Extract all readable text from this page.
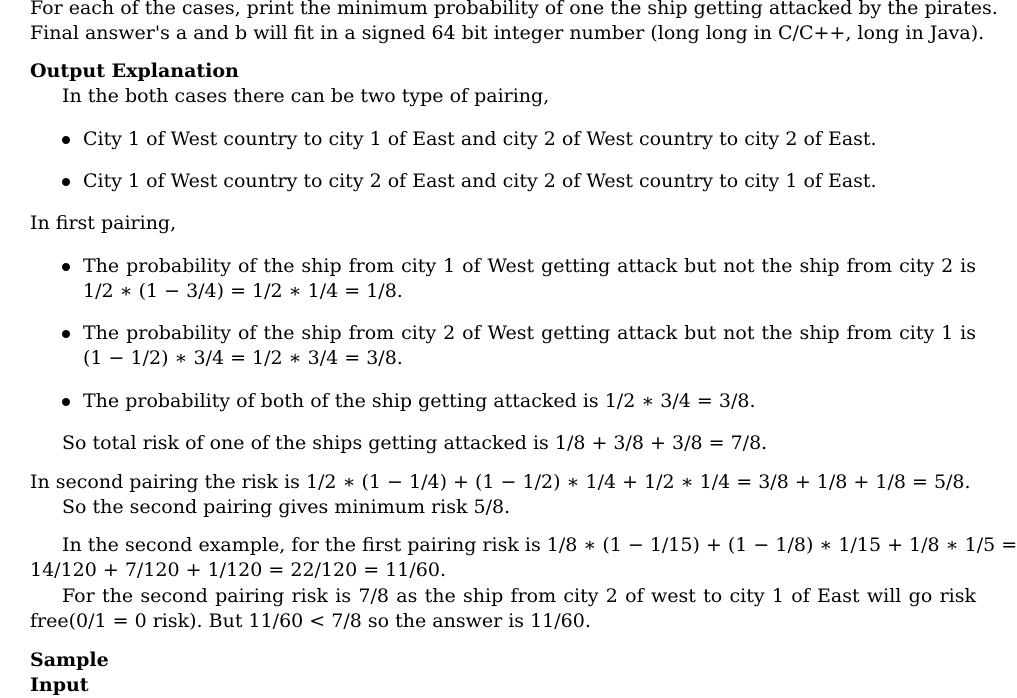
For each of the cases, print the minimum probability of one the ship getting attacked by the pirates.
Final answer's a and b will fit in a signed 64 bit integer number (long long in C/C++, long in Java).
Output Explanation
In the both cases there can be two type of pairing,
City 1 of West country to city 1 of East and city 2 of West country to city 2 of East.
City 1 of West country to city 2 of East and city 2 of West country to city 1 of East.
In first pairing,
The probability of the ship from city 1 of West getting attack but not the ship from city 2 is
1/2 ∗ (1 − 3/4) = 1/2 ∗ 1/4 = 1/8.
The probability of the ship from city 2 of West getting attack but not the ship from city 1 is
(1 − 1/2) ∗ 3/4 = 1/2 ∗ 3/4 = 3/8.
The probability of both of the ship getting attacked is 1/2 ∗ 3/4 = 3/8.
So total risk of one of the ships getting attacked is 1/8 + 3/8 + 3/8 = 7/8.
In second pairing the risk is 1/2 ∗ (1 − 1/4) + (1 − 1/2) ∗ 1/4 + 1/2 ∗ 1/4 = 3/8 + 1/8 + 1/8 = 5/8.
So the second pairing gives minimum risk 5/8.
In the second example, for the first pairing risk is 1/8 ∗ (1 − 1/15) + (1 − 1/8) ∗ 1/15 + 1/8 ∗ 1/5 =
14/120 + 7/120 + 1/120 = 22/120 = 11/60.
For the second pairing risk is 7/8 as the ship from city 2 of west to city 1 of East will go risk
free(0/1 = 0 risk). But 11/60 < 7/8 so the answer is 11/60.
Sample Input
